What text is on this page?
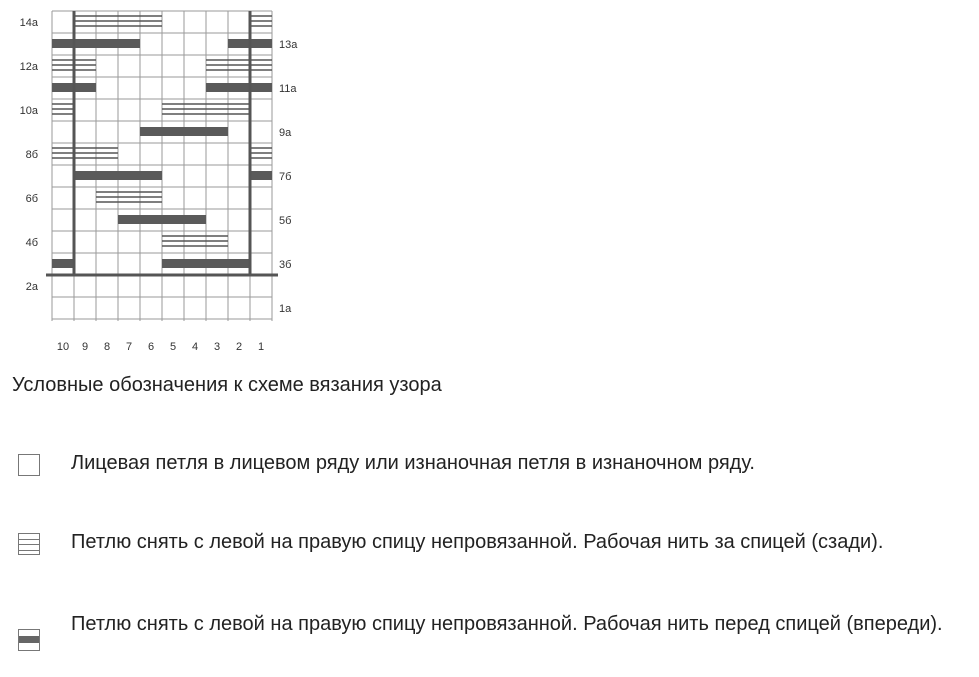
1а
2а
3б
4б
5б
6б
7б
8б
9а
10а
11а
12а
13а
14а
10 9 8 7 6 5 4 3 2 1
Условные обозначения к схеме вязания узора
Лицевая петля в лицевом ряду или изнаночная петля в изнаночном ряду.
Петлю снять с левой на правую спицу непровязанной. Рабочая нить за спицей (сзади).
Петлю снять с левой на правую спицу непровязанной. Рабочая нить перед спицей (впереди).
